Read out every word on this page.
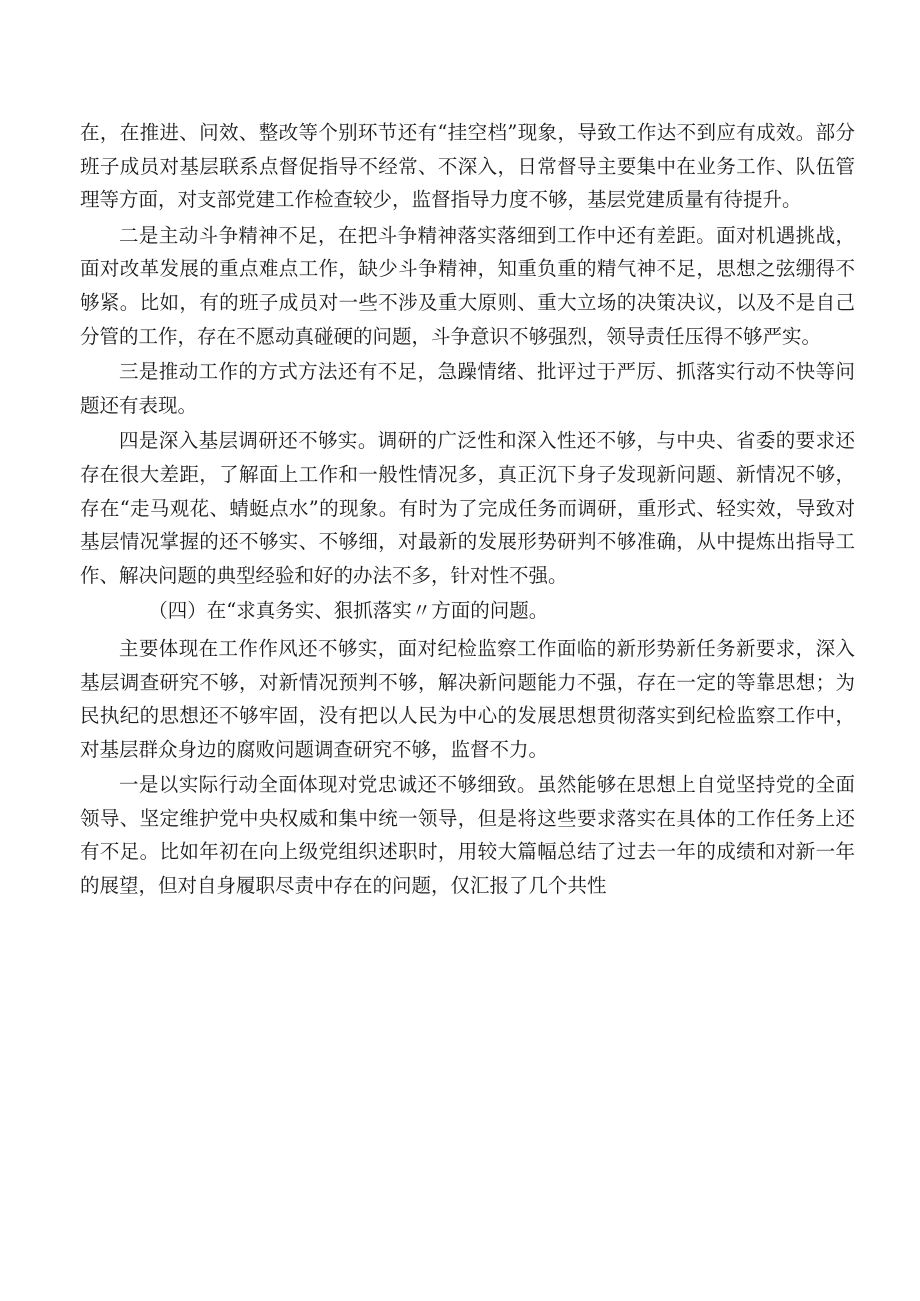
在，在推进、问效、整改等个别环节还有“挂空档”现象，导致工作达不到应有成效。部分班子成员对基层联系点督促指导不经常、不深入，日常督导主要集中在业务工作、队伍管理等方面，对支部党建工作检查较少，监督指导力度不够，基层党建质量有待提升。

二是主动斗争精神不足，在把斗争精神落实落细到工作中还有差距。面对机遇挑战，面对改革发展的重点难点工作，缺少斗争精神，知重负重的精气神不足，思想之弦绷得不够紧。比如，有的班子成员对一些不涉及重大原则、重大立场的决策决议，以及不是自己分管的工作，存在不愿动真碰硬的问题，斗争意识不够强烈，领导责任压得不够严实。

三是推动工作的方式方法还有不足，急躁情绪、批评过于严厉、抓落实行动不快等问题还有表现。

四是深入基层调研还不够实。调研的广泛性和深入性还不够，与中央、省委的要求还存在很大差距，了解面上工作和一般性情况多，真正沉下身子发现新问题、新情况不够，存在“走马观花、蜻蜓点水”的现象。有时为了完成任务而调研，重形式、轻实效，导致对基层情况掌握的还不够实、不够细，对最新的发展形势研判不够准确，从中提炼出指导工作、解决问题的典型经验和好的办法不多，针对性不强。

（四）在“求真务实、狠抓落实〃方面的问题。

主要体现在工作作风还不够实，面对纪检监察工作面临的新形势新任务新要求，深入基层调查研究不够，对新情况预判不够，解决新问题能力不强，存在一定的等靠思想；为民执纪的思想还不够牢固，没有把以人民为中心的发展思想贯彻落实到纪检监察工作中，对基层群众身边的腐败问题调查研究不够，监督不力。

一是以实际行动全面体现对党忠诚还不够细致。虽然能够在思想上自觉坚持党的全面领导、坚定维护党中央权威和集中统一领导，但是将这些要求落实在具体的工作任务上还有不足。比如年初在向上级党组织述职时，用较大篇幅总结了过去一年的成绩和对新一年的展望，但对自身履职尽责中存在的问题，仅汇报了几个共性
